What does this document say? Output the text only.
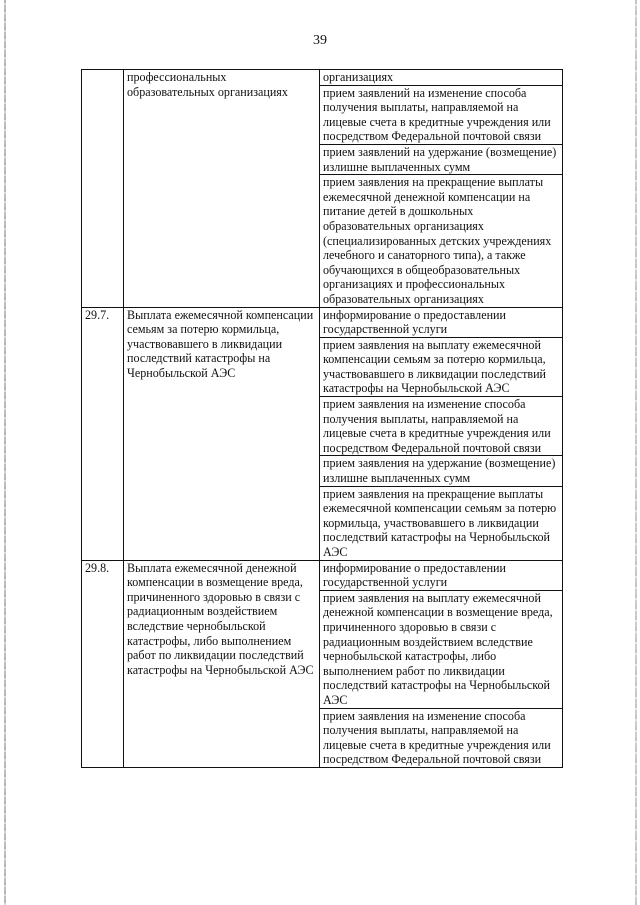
39
	профессиональных образовательных организациях	организациях
		прием заявлений на изменение способа получения выплаты, направляемой на лицевые счета в кредитные учреждения или посредством Федеральной почтовой связи
		прием заявлений на удержание (возмещение) излишне выплаченных сумм
		прием заявления на прекращение выплаты ежемесячной денежной компенсации на питание детей в дошкольных образовательных организациях (специализированных детских учреждениях лечебного и санаторного типа), а также обучающихся в общеобразовательных организациях и профессиональных образовательных организациях
29.7.	Выплата ежемесячной компенсации семьям за потерю кормильца, участвовавшего в ликвидации последствий катастрофы на Чернобыльской АЭС	информирование о предоставлении государственной услуги
		прием заявления на выплату ежемесячной компенсации семьям за потерю кормильца, участвовавшего в ликвидации последствий катастрофы на Чернобыльской АЭС
		прием заявления на изменение способа получения выплаты, направляемой на лицевые счета в кредитные учреждения или посредством Федеральной почтовой связи
		прием заявления на удержание (возмещение) излишне выплаченных сумм
		прием заявления на прекращение выплаты ежемесячной компенсации семьям за потерю кормильца, участвовавшего в ликвидации последствий катастрофы на Чернобыльской АЭС
29.8.	Выплата ежемесячной денежной компенсации в возмещение вреда, причиненного здоровью в связи с радиационным воздействием вследствие чернобыльской катастрофы, либо выполнением работ по ликвидации последствий катастрофы на Чернобыльской АЭС	информирование о предоставлении государственной услуги
		прием заявления на выплату ежемесячной денежной компенсации в возмещение вреда, причиненного здоровью в связи с радиационным воздействием вследствие чернобыльской катастрофы, либо выполнением работ по ликвидации последствий катастрофы на Чернобыльской АЭС
		прием заявления на изменение способа получения выплаты, направляемой на лицевые счета в кредитные учреждения или посредством Федеральной почтовой связи
